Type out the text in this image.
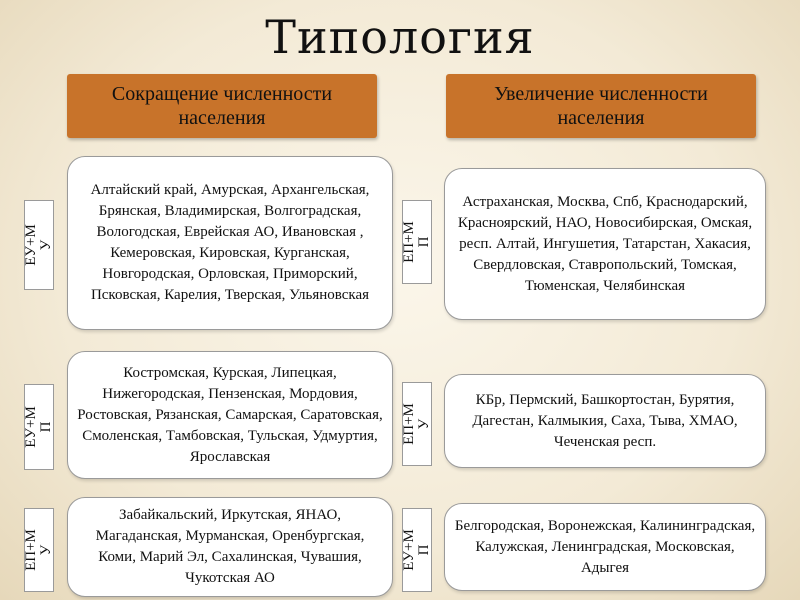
Типология
Сокращение численности населения
Увеличение численности населения
ЕУ+М У
Алтайский край, Амурская, Архангельская, Брянская, Владимирская, Волгоградская, Вологодская, Еврейская АО, Ивановская , Кемеровская, Кировская, Курганская, Новгородская, Орловская, Приморский, Псковская, Карелия, Тверская, Ульяновская
ЕУ+М П
Костромская, Курская, Липецкая, Нижегородская, Пензенская, Мордовия, Ростовская, Рязанская, Самарская, Саратовская, Смоленская, Тамбовская, Тульская, Удмуртия, Ярославская
ЕП+М У
Забайкальский, Иркутская, ЯНАО, Магаданская, Мурманская, Оренбургская, Коми, Марий Эл, Сахалинская, Чувашия, Чукотская АО
ЕП+М П
Астраханская, Москва, Спб, Краснодарский, Красноярский, НАО, Новосибирская, Омская, респ. Алтай, Ингушетия, Татарстан, Хакасия, Свердловская, Ставропольский, Томская, Тюменская, Челябинская
ЕП+М У
КБр, Пермский, Башкортостан, Бурятия, Дагестан, Калмыкия, Саха, Тыва, ХМАО, Чеченская респ.
ЕУ+М П
Белгородская, Воронежская, Калининградская, Калужская, Ленинградская, Московская, Адыгея
